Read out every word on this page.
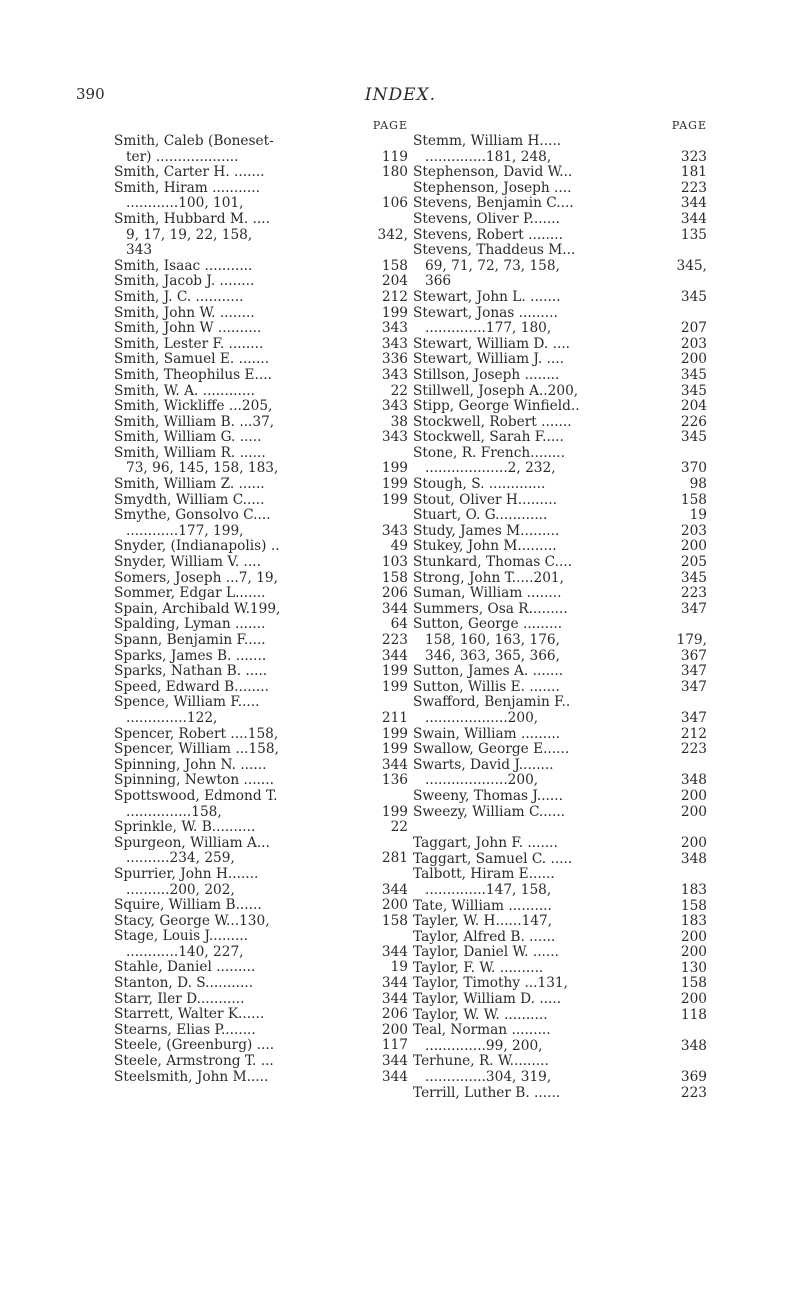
390	INDEX.
PAGE
Smith, Caleb (Boneset-
ter) ...................	119
Smith, Carter H. .......	180
Smith, Hiram ...........
............100, 101,	106
Smith, Hubbard M. ....
9, 17, 19, 22, 158,	342,
343
Smith, Isaac ...........	158
Smith, Jacob J. ........	204
Smith, J. C. ...........	212
Smith, John W. ........	199
Smith, John W ..........	343
Smith, Lester F. ........	343
Smith, Samuel E. .......	336
Smith, Theophilus E....	343
Smith, W. A. ............	22
Smith, Wickliffe ...205,	343
Smith, William B. ...37,	38
Smith, William G. .....	343
Smith, William R. ......
73, 96, 145, 158, 183,	199
Smith, William Z. ......	199
Smydth, William C.....	199
Smythe, Gonsolvo C....
............177, 199,	343
Snyder, (Indianapolis) ..	49
Snyder, William V. ....	103
Somers, Joseph ...7, 19,	158
Sommer, Edgar L.......	206
Spain, Archibald W.199,	344
Spalding, Lyman .......	64
Spann, Benjamin F.....	223
Sparks, James B. .......	344
Sparks, Nathan B. .....	199
Speed, Edward B........	199
Spence, William F.....
..............122,	211
Spencer, Robert ....158,	199
Spencer, William ...158,	199
Spinning, John N. ......	344
Spinning, Newton .......	136
Spottswood, Edmond T.
...............158,	199
Sprinkle, W. B..........	22
Spurgeon, William A...
..........234, 259,	281
Spurrier, John H.......
..........200, 202,	344
Squire, William B......	200
Stacy, George W...130,	158
Stage, Louis J.........
............140, 227,	344
Stahle, Daniel .........	19
Stanton, D. S...........	344
Starr, Iler D...........	344
Starrett, Walter K......	206
Stearns, Elias P........	200
Steele, (Greenburg) ....	117
Steele, Armstrong T. ...	344
Steelsmith, John M.....	344
PAGE
Stemm, William H.....
..............181, 248,	323
Stephenson, David W...	181
Stephenson, Joseph ....	223
Stevens, Benjamin C....	344
Stevens, Oliver P.......	344
Stevens, Robert ........	135
Stevens, Thaddeus M...
69, 71, 72, 73, 158,	345,
366
Stewart, John L. .......	345
Stewart, Jonas .........
..............177, 180,	207
Stewart, William D. ....	203
Stewart, William J. ....	200
Stillson, Joseph ........	345
Stillwell, Joseph A..200,	345
Stipp, George Winfield..	204
Stockwell, Robert .......	226
Stockwell, Sarah F.....	345
Stone, R. French........
...................2, 232,	370
Stough, S. .............	98
Stout, Oliver H.........	158
Stuart, O. G............	19
Study, James M.........	203
Stukey, John M.........	200
Stunkard, Thomas C....	205
Strong, John T.....201,	345
Suman, William ........	223
Summers, Osa R.........	347
Sutton, George .........
158, 160, 163, 176,	179,
346, 363, 365, 366,	367
Sutton, James A. .......	347
Sutton, Willis E. .......	347
Swafford, Benjamin F..
...................200,	347
Swain, William .........	212
Swallow, George E......	223
Swarts, David J........
...................200,	348
Sweeny, Thomas J......	200
Sweezy, William C......	200
Taggart, John F. .......	200
Taggart, Samuel C. .....	348
Talbott, Hiram E......
..............147, 158,	183
Tate, William ..........	158
Tayler, W. H......147,	183
Taylor, Alfred B. ......	200
Taylor, Daniel W. ......	200
Taylor, F. W. ..........	130
Taylor, Timothy ...131,	158
Taylor, William D. .....	200
Taylor, W. W. ..........	118
Teal, Norman .........
..............99, 200,	348
Terhune, R. W.........
..............304, 319,	369
Terrill, Luther B. ......	223
